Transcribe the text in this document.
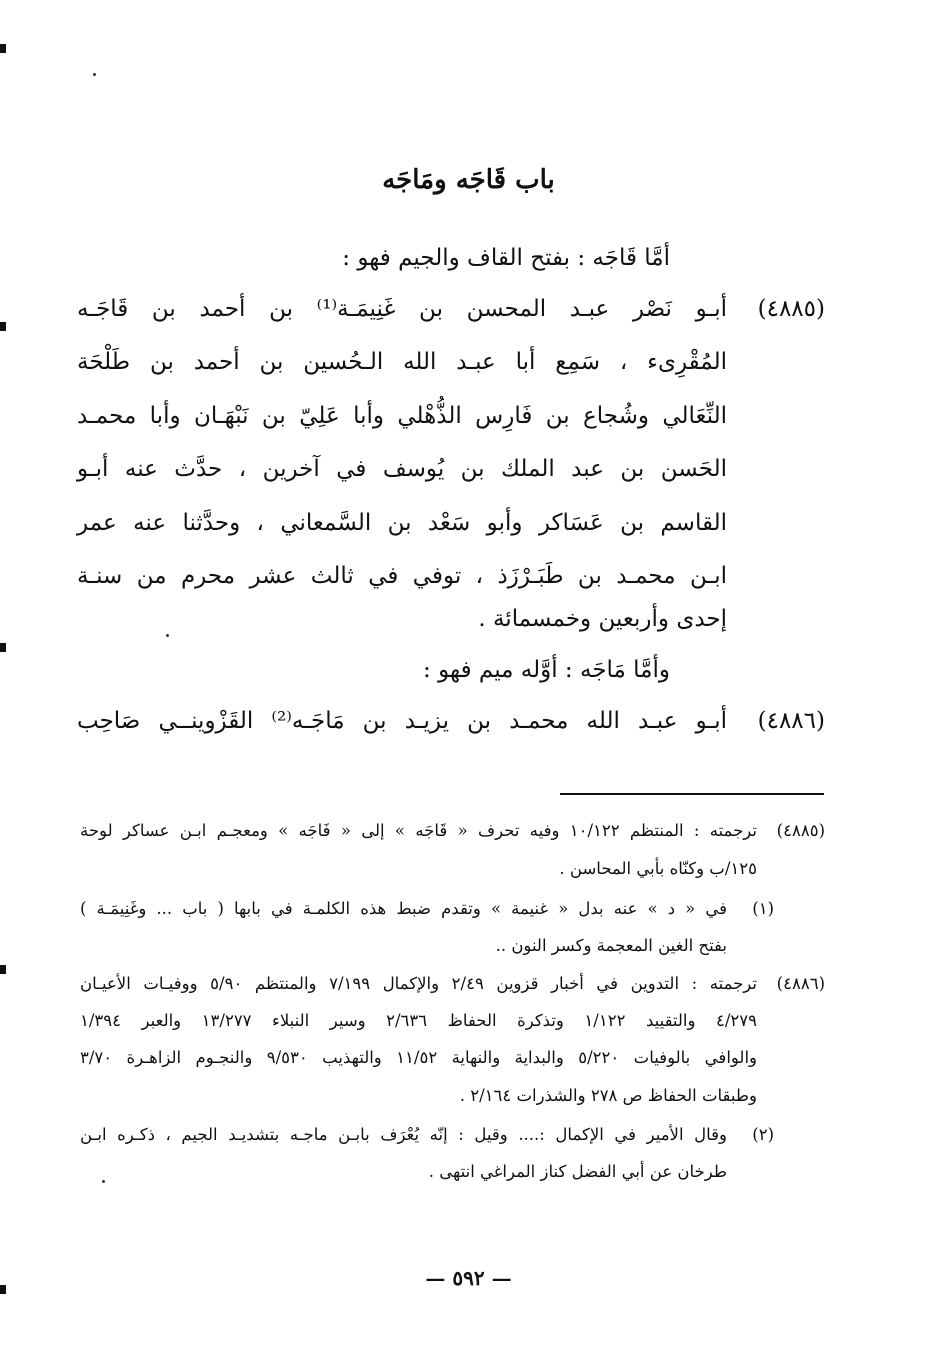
باب قَاجَه ومَاجَه
أمَّا قَاجَه : بفتح القاف والجيم فهو :
(٤٨٨٥)
أبـو نَصْر عبـد المحسن بن غَنِيمَـة⁽¹⁾ بن أحمد بن قَاجَـه
المُقْرِىء ، سَمِع أبا عبـد الله الـحُسين بن أحمد بن طَلْحَة
النِّعَالي وشُجاع بن فَارِس الذُّهْلي وأبا عَلِيّ بن نَبْهَـان وأبا محمـد
الحَسن بن عبد الملك بن يُوسف في آخرين ، حدَّث عنه أبـو
القاسم بن عَسَاكر وأبو سَعْد بن السَّمعاني ، وحدَّثنا عنه عمر
ابـن محمـد بن طَبَـرْزَذ ، توفي في ثالث عشر محرم من سنـة
إحدى وأربعين وخمسمائة .
وأمَّا مَاجَه : أوَّله ميم فهو :
(٤٨٨٦)
أبـو عبـد الله محمـد بن يزيـد بن مَاجَـه⁽²⁾ القَزْوينــي صَاحِب
(٤٨٨٥)
ترجمته : المنتظم ١٠/١٢٢ وفيه تحرف « قَاجَه » إلى « فَاجَه » ومعجـم ابـن عساكر لوحة
١٢٥/ب وكنّاه بأبي المحاسن .
(١)
في « د » عنه بدل « غنيمة » وتقدم ضبط هذه الكلمـة في بابها ( باب ... وغَنِيمَـة )
بفتح الغين المعجمة وكسر النون ..
(٤٨٨٦)
ترجمته : التدوين في أخبار قزوين ٢/٤٩ والإكمال ٧/١٩٩ والمنتظم ٥/٩٠ ووفيـات الأعيـان
٤/٢٧٩ والتقييد ١/١٢٢ وتذكرة الحفاظ ٢/٦٣٦ وسير النبلاء ١٣/٢٧٧ والعبر ١/٣٩٤
والوافي بالوفيات ٥/٢٢٠ والبداية والنهاية ١١/٥٢ والتهذيب ٩/٥٣٠ والنجـوم الزاهـرة ٣/٧٠
وطبقات الحفاظ ص ٢٧٨ والشذرات ٢/١٦٤ .
(٢)
وقال الأمير في الإكمال :.... وقيل : إنّه يُعْرَف بابـن ماجـه بتشديـد الجيم ، ذكـره ابـن
طرخان عن أبي الفضل كناز المراغي انتهى .
— ٥٩٢ —
